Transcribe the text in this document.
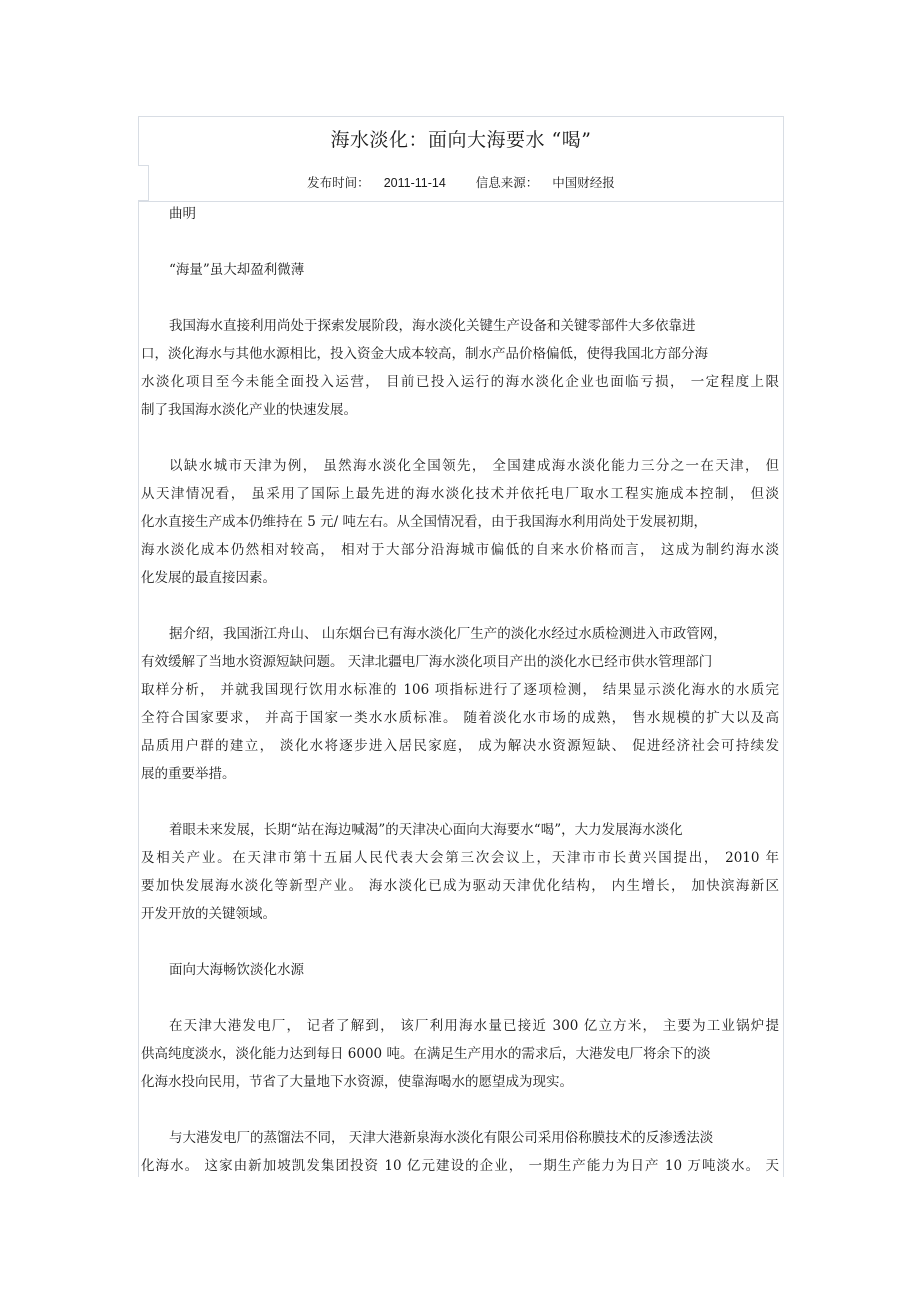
海水淡化：面向大海要水 “喝”
发布时间： 2011-11-14 信息来源： 中国财经报
曲明
“海量”虽大却盈利微薄
我国海水直接利用尚处于探索发展阶段，海水淡化关键生产设备和关键零部件大多依靠进
口，淡化海水与其他水源相比，投入资金大成本较高，制水产品价格偏低，使得我国北方部分海
水淡化项目至今未能全面投入运营， 目前已投入运行的海水淡化企业也面临亏损， 一定程度上限
制了我国海水淡化产业的快速发展。
以缺水城市天津为例， 虽然海水淡化全国领先， 全国建成海水淡化能力三分之一在天津， 但
从天津情况看， 虽采用了国际上最先进的海水淡化技术并依托电厂取水工程实施成本控制， 但淡
化水直接生产成本仍维持在 5 元/ 吨左右。从全国情况看，由于我国海水利用尚处于发展初期，
海水淡化成本仍然相对较高， 相对于大部分沿海城市偏低的自来水价格而言， 这成为制约海水淡
化发展的最直接因素。
据介绍，我国浙江舟山、 山东烟台已有海水淡化厂生产的淡化水经过水质检测进入市政管网，
有效缓解了当地水资源短缺问题。 天津北疆电厂海水淡化项目产出的淡化水已经市供水管理部门
取样分析， 并就我国现行饮用水标准的 106 项指标进行了逐项检测， 结果显示淡化海水的水质完
全符合国家要求， 并高于国家一类水水质标准。 随着淡化水市场的成熟， 售水规模的扩大以及高
品质用户群的建立， 淡化水将逐步进入居民家庭， 成为解决水资源短缺、 促进经济社会可持续发
展的重要举措。
着眼未来发展，长期“站在海边喊渴”的天津决心面向大海要水“喝”，大力发展海水淡化
及相关产业。在天津市第十五届人民代表大会第三次会议上，天津市市长黄兴国提出， 2010 年
要加快发展海水淡化等新型产业。 海水淡化已成为驱动天津优化结构， 内生增长， 加快滨海新区
开发开放的关键领域。
面向大海畅饮淡化水源
在天津大港发电厂， 记者了解到， 该厂利用海水量已接近 300 亿立方米， 主要为工业锅炉提
供高纯度淡水，淡化能力达到每日 6000 吨。在满足生产用水的需求后，大港发电厂将余下的淡
化海水投向民用，节省了大量地下水资源，使靠海喝水的愿望成为现实。
与大港发电厂的蒸馏法不同， 天津大港新泉海水淡化有限公司采用俗称膜技术的反渗透法淡
化海水。 这家由新加坡凯发集团投资 10 亿元建设的企业， 一期生产能力为日产 10 万吨淡水。 天
